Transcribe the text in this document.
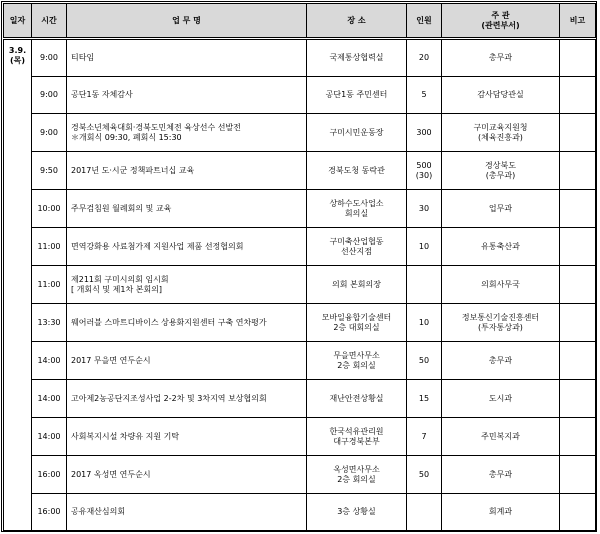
일자	시간	업 무 명	장 소	인원	주 관
(관련부서)	비고

3.9.
(목)	9:00	티타임	국제통상협력실	20	총무과	

	9:00	공단1동 자체감사	공단1동 주민센터	5	감사담당관실	

	9:00	경북소년체육대회·경북도민체전 육상선수 선발전
＊개회식 09:30, 폐회식 15:30	구미시민운동장	300	구미교육지원청
(체육진흥과)	

	9:50	2017년 도·시군 정책파트너십 교육	경북도청 동락관	500
(30)	경상북도
(총무과)	

	10:00	주무검침원 월례회의 및 교육	상하수도사업소
회의실	30	업무과	

	11:00	면역강화용 사료첨가제 지원사업 제품 선정협의회	구미축산업협동
선산지점	10	유통축산과	

	11:00	제211회 구미시의회 임시회
[ 개회식 및 제1차 본회의]	의회 본회의장		의회사무국	

	13:30	웨어러블 스마트디바이스 상용화지원센터 구축 연차평가	모바일융합기술센터
2층 대회의실	10	정보통신기술진흥센터
(투자통상과)	

	14:00	2017 무을면 연두순시	무을면사무소
2층 회의실	50	총무과	

	14:00	고아제2농공단지조성사업 2-2차 및 3차지역 보상협의회	재난안전상황실	15	도시과	

	14:00	사회복지시설 차량유 지원 기탁	한국석유관리원
대구경북본부	7	주민복지과	

	16:00	2017 옥성면 연두순시	옥성면사무소
2층 회의실	50	총무과	

	16:00	공유재산심의회	3층 상황실		회계과	
